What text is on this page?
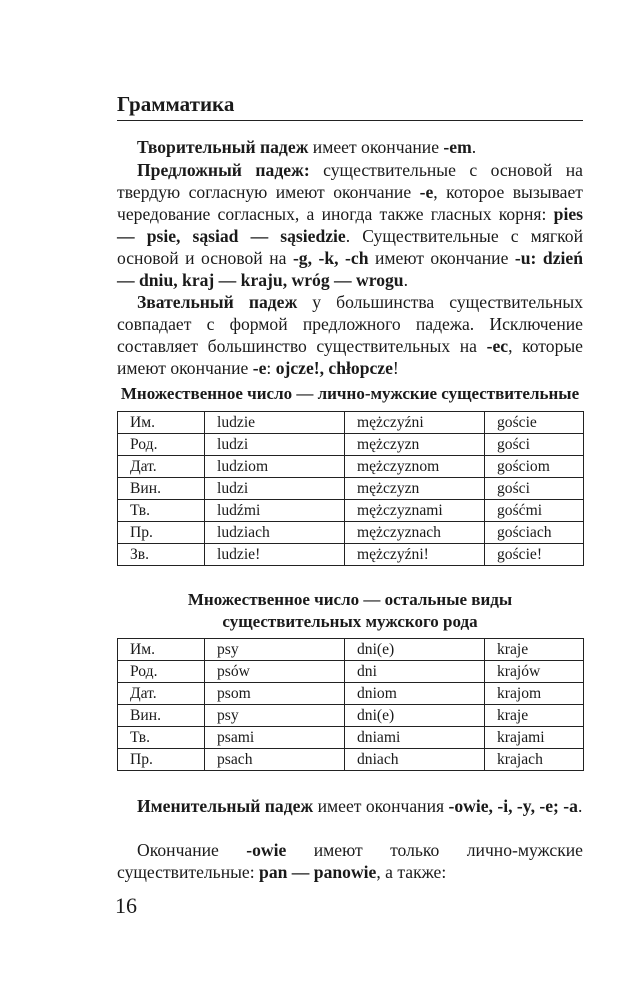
Грамматика

Творительный падеж имеет окончание -em.

Предложный падеж: существительные с основой на твердую согласную имеют окончание -e, которое вызывает чередование согласных, а иногда также гласных корня: pies — psie, sąsiad — sąsiedzie. Существительные с мягкой основой и основой на -g, -k, -ch имеют окончание -u: dzień — dniu, kraj — kraju, wróg — wrogu.

Звательный падеж у большинства существительных совпадает с формой предложного падежа. Исключение составляет большинство существительных на -ec, которые имеют окончание -e: ojcze!, chłopcze!

Множественное число — лично-мужские существительные

Им.	ludzie	mężczyźni	goście
Род.	ludzi	mężczyzn	gości
Дат.	ludziom	mężczyznom	gościom
Вин.	ludzi	mężczyzn	gości
Тв.	ludźmi	mężczyznami	gośćmi
Пр.	ludziach	mężczyznach	gościach
Зв.	ludzie!	mężczyźni!	goście!

Множественное число — остальные виды
существительных мужского рода

Им.	psy	dni(e)	kraje
Род.	psów	dni	krajów
Дат.	psom	dniom	krajom
Вин.	psy	dni(e)	kraje
Тв.	psami	dniami	krajami
Пр.	psach	dniach	krajach

Именительный падеж имеет окончания -owie, -i, -y, -e; -a.

Окончание -owie имеют только лично-мужские существительные: pan — panowie, а также:

16
